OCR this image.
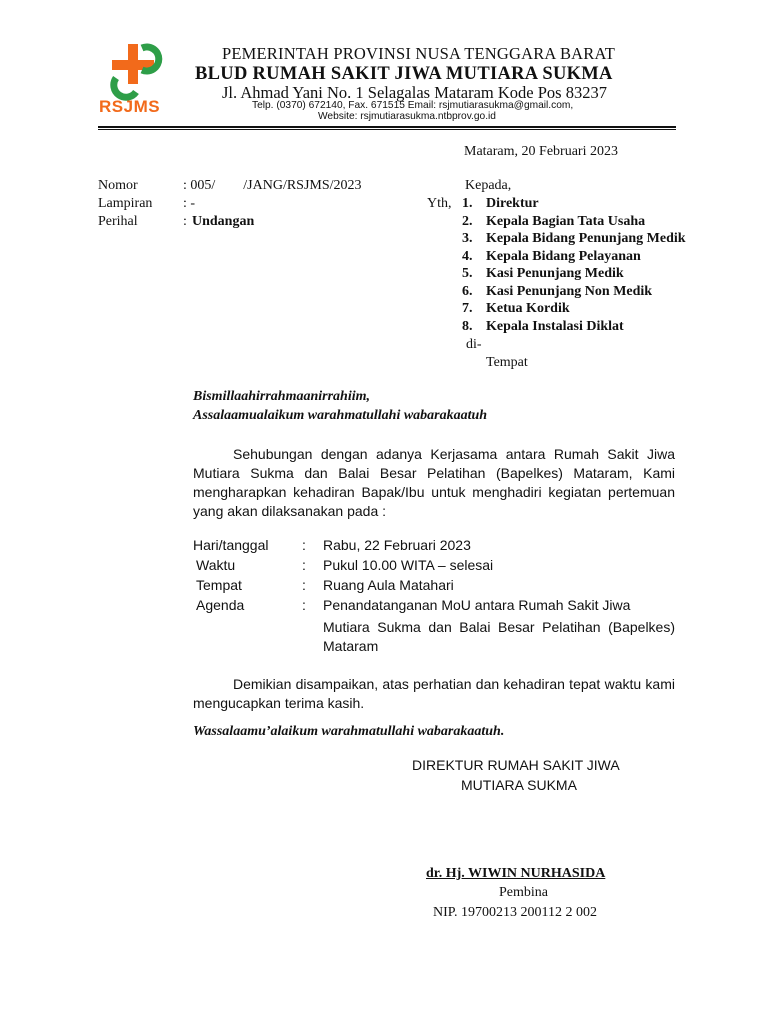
RSJMS
PEMERINTAH PROVINSI NUSA TENGGARA BARAT
BLUD RUMAH SAKIT JIWA MUTIARA SUKMA
Jl. Ahmad Yani No. 1 Selagalas Mataram Kode Pos 83237
Telp. (0370) 672140, Fax. 671515 Email: rsjmutiarasukma@gmail.com,
Website: rsjmutiarasukma.ntbprov.go.id
Mataram, 20 Februari 2023
Nomor	: 005/        /JANG/RSJMS/2023
Lampiran : -
Perihal	: Undangan
Kepada,
Yth, 1. Direktur
2. Kepala Bagian Tata Usaha
3. Kepala Bidang Penunjang Medik
4. Kepala Bidang Pelayanan
5. Kasi Penunjang Medik
6. Kasi Penunjang Non Medik
7. Ketua Kordik
8. Kepala Instalasi Diklat
di-
Tempat
Bismillaahirrahmaanirrahiim,
Assalaamualaikum warahmatullahi wabarakaatuh
Sehubungan dengan adanya Kerjasama antara Rumah Sakit Jiwa Mutiara Sukma dan Balai Besar Pelatihan (Bapelkes) Mataram, Kami mengharapkan kehadiran Bapak/Ibu untuk menghadiri kegiatan pertemuan yang akan dilaksanakan pada :
Hari/tanggal : Rabu, 22 Februari 2023
Waktu	: Pukul 10.00 WITA – selesai
Tempat	: Ruang Aula Matahari
Agenda	: Penandatanganan MoU antara Rumah Sakit Jiwa
Mutiara Sukma dan Balai Besar Pelatihan (Bapelkes) Mataram
Demikian disampaikan, atas perhatian dan kehadiran tepat waktu kami mengucapkan terima kasih.
Wassalaamu’alaikum warahmatullahi wabarakaatuh.
DIREKTUR RUMAH SAKIT JIWA
MUTIARA SUKMA
dr. Hj. WIWIN NURHASIDA
Pembina
NIP. 19700213 200112 2 002
